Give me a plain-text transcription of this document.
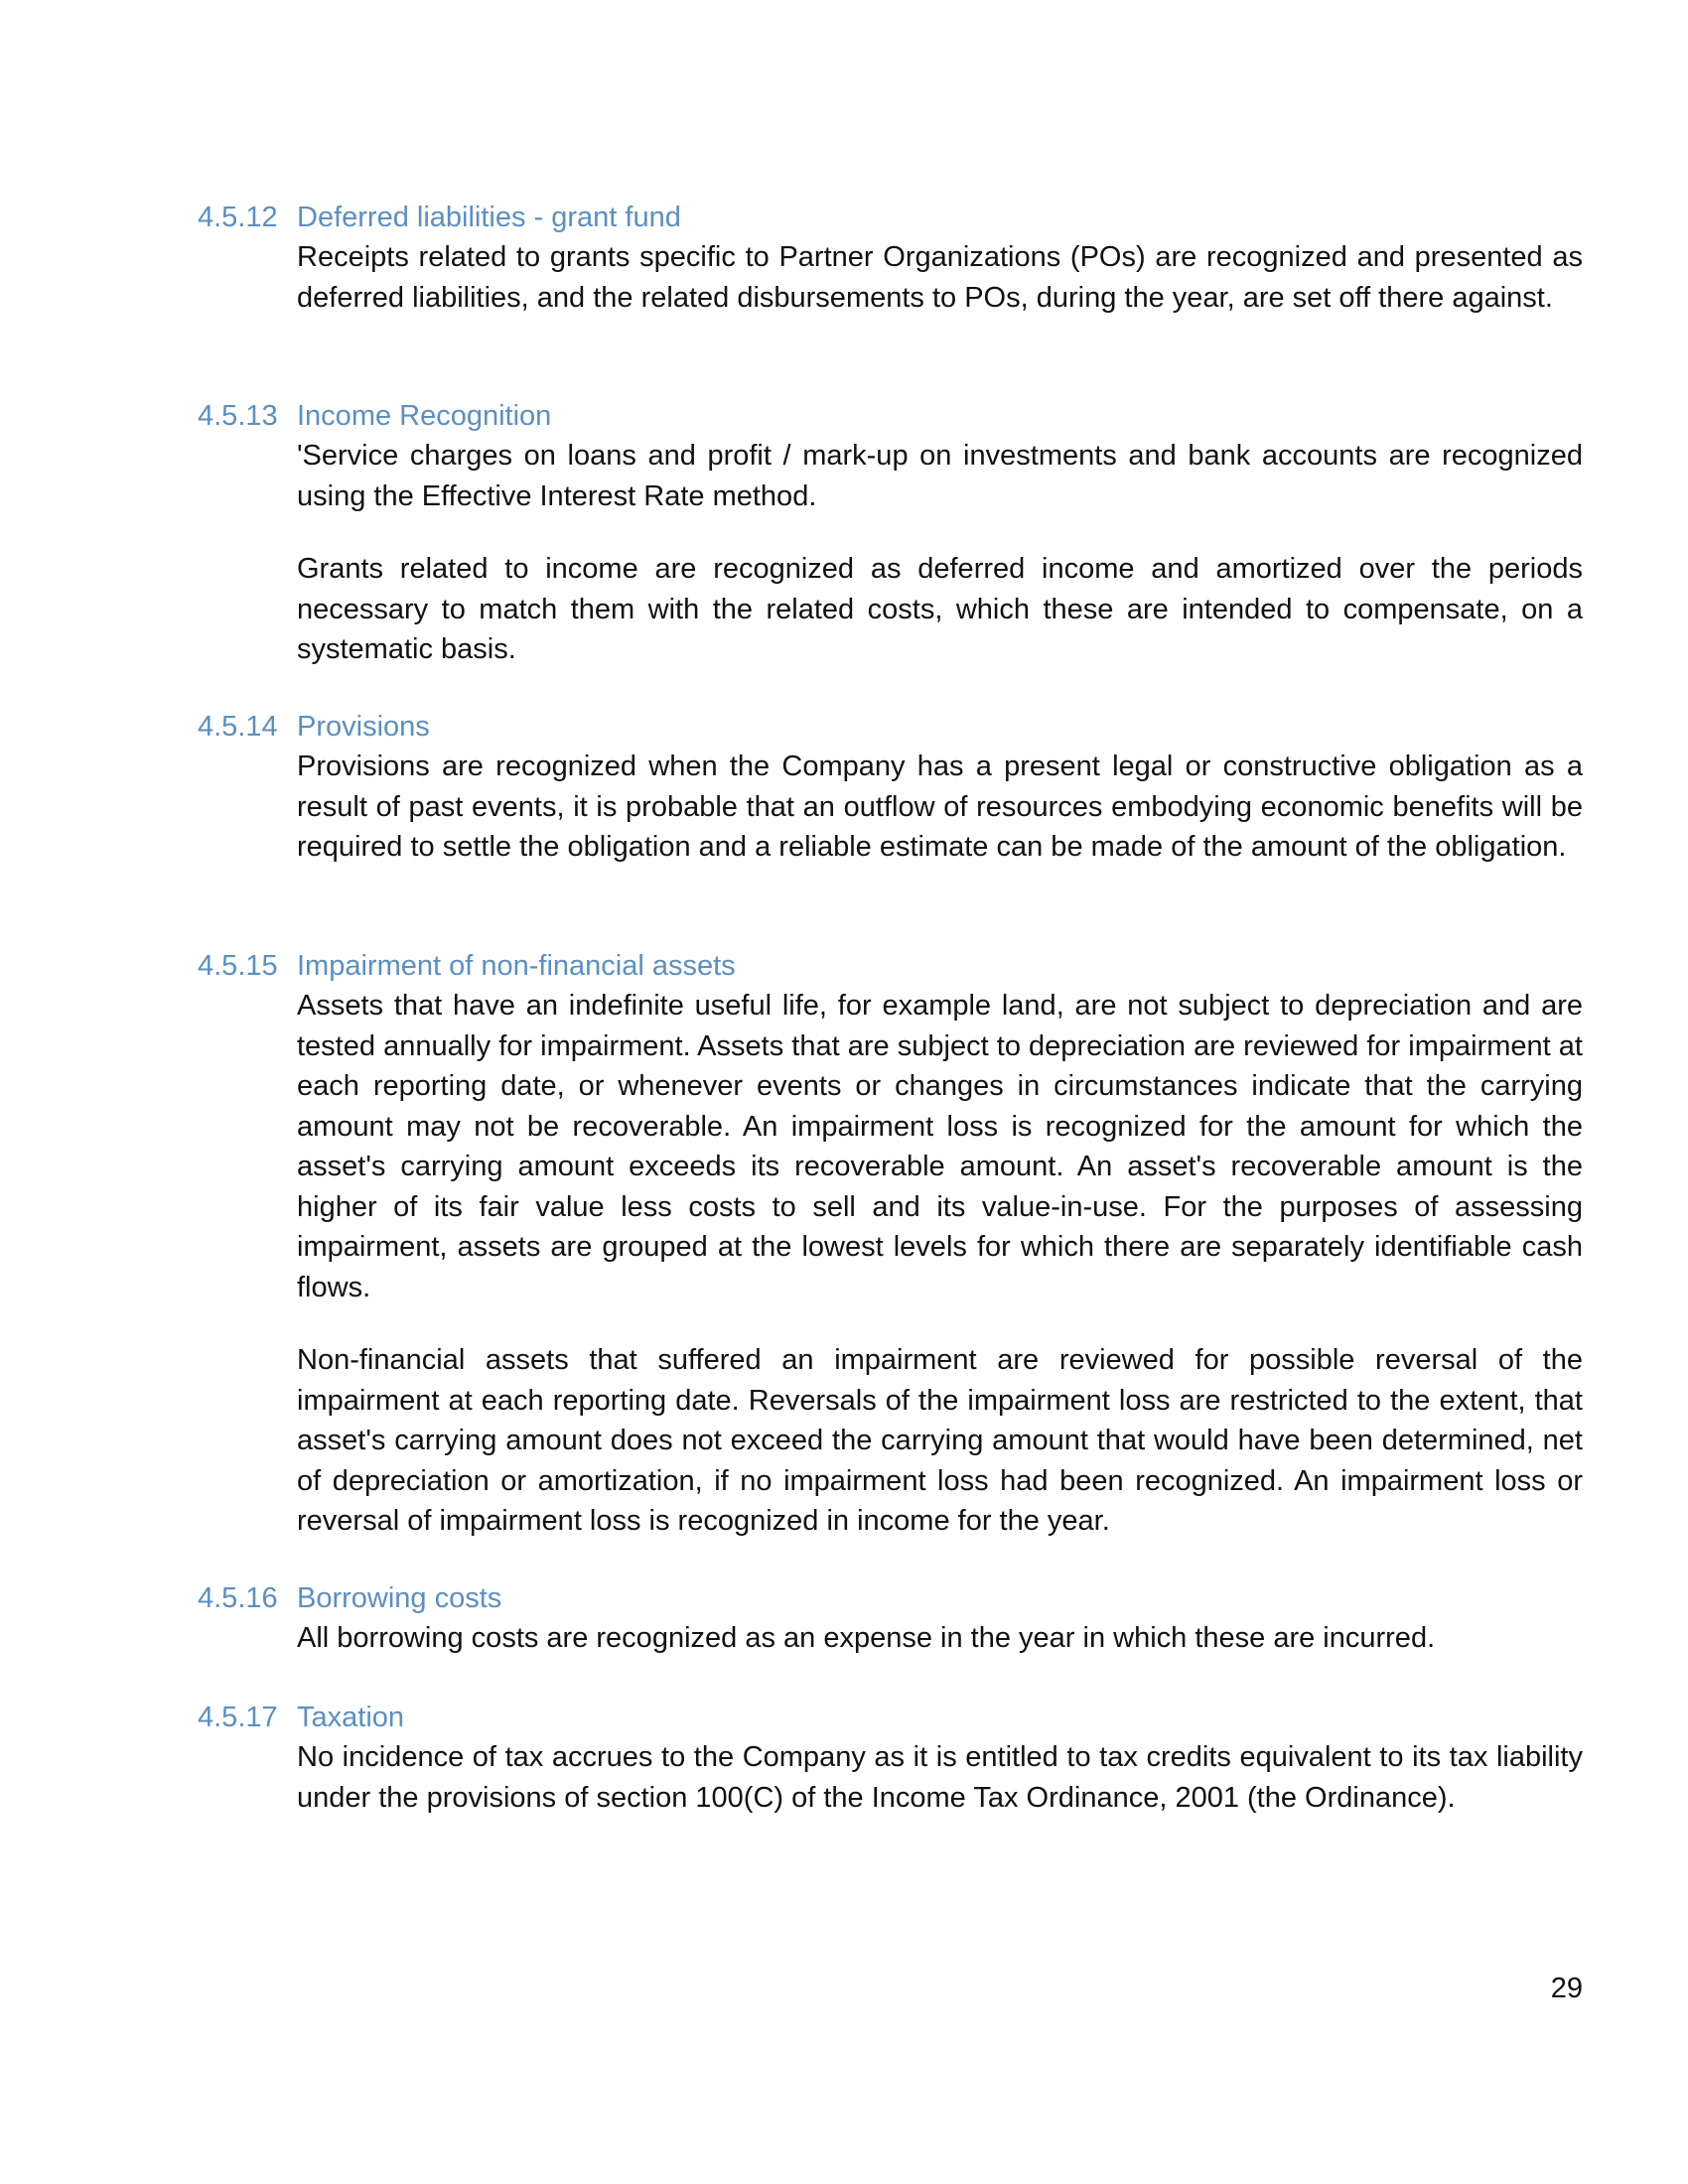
4.5.12 Deferred liabilities - grant fund

Receipts related to grants specific to Partner Organizations (POs) are recognized and presented as deferred liabilities, and the related disbursements to POs, during the year, are set off there against.

4.5.13 Income Recognition

'Service charges on loans and profit / mark-up on investments and bank accounts are recognized using the Effective Interest Rate method.

Grants related to income are recognized as deferred income and amortized over the periods necessary to match them with the related costs, which these are intended to compensate, on a systematic basis.

4.5.14 Provisions

Provisions are recognized when the Company has a present legal or constructive obligation as a result of past events, it is probable that an outflow of resources embodying economic benefits will be required to settle the obligation and a reliable estimate can be made of the amount of the obligation.

4.5.15 Impairment of non-financial assets

Assets that have an indefinite useful life, for example land, are not subject to depreciation and are tested annually for impairment. Assets that are subject to depreciation are reviewed for impairment at each reporting date, or whenever events or changes in circumstances indicate that the carrying amount may not be recoverable. An impairment loss is recognized for the amount for which the asset's carrying amount exceeds its recoverable amount. An asset's recoverable amount is the higher of its fair value less costs to sell and its value-in-use. For the purposes of assessing impairment, assets are grouped at the lowest levels for which there are separately identifiable cash flows.

Non-financial assets that suffered an impairment are reviewed for possible reversal of the impairment at each reporting date. Reversals of the impairment loss are restricted to the extent, that asset's carrying amount does not exceed the carrying amount that would have been determined, net of depreciation or amortization, if no impairment loss had been recognized. An impairment loss or reversal of impairment loss is recognized in income for the year.

4.5.16 Borrowing costs

All borrowing costs are recognized as an expense in the year in which these are incurred.

4.5.17 Taxation

No incidence of tax accrues to the Company as it is entitled to tax credits equivalent to its tax liability under the provisions of section 100(C) of the Income Tax Ordinance, 2001 (the Ordinance).

29
